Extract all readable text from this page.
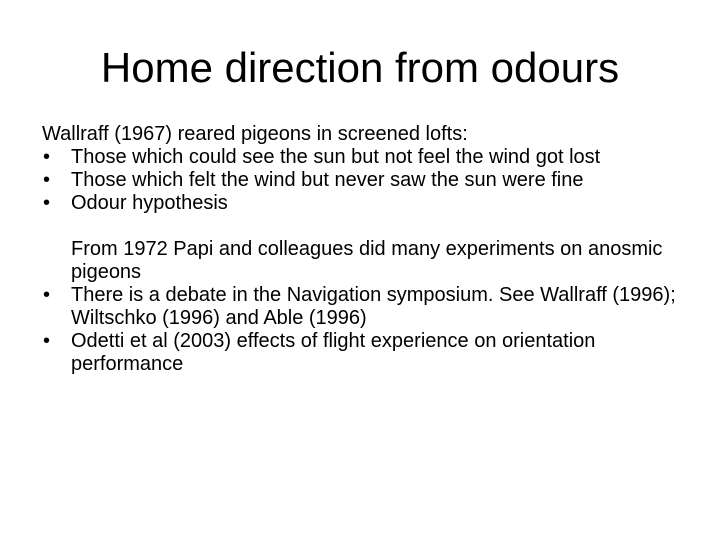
Home direction from odours

Wallraff (1967) reared pigeons in screened lofts:

• Those which could see the sun but not feel the wind got lost
• Those which felt the wind but never saw the sun were fine
• Odour hypothesis

From 1972 Papi and colleagues did many experiments on anosmic pigeons

• There is a debate in the Navigation symposium. See Wallraff (1996); Wiltschko (1996) and Able (1996)
• Odetti et al (2003) effects of flight experience on orientation performance
